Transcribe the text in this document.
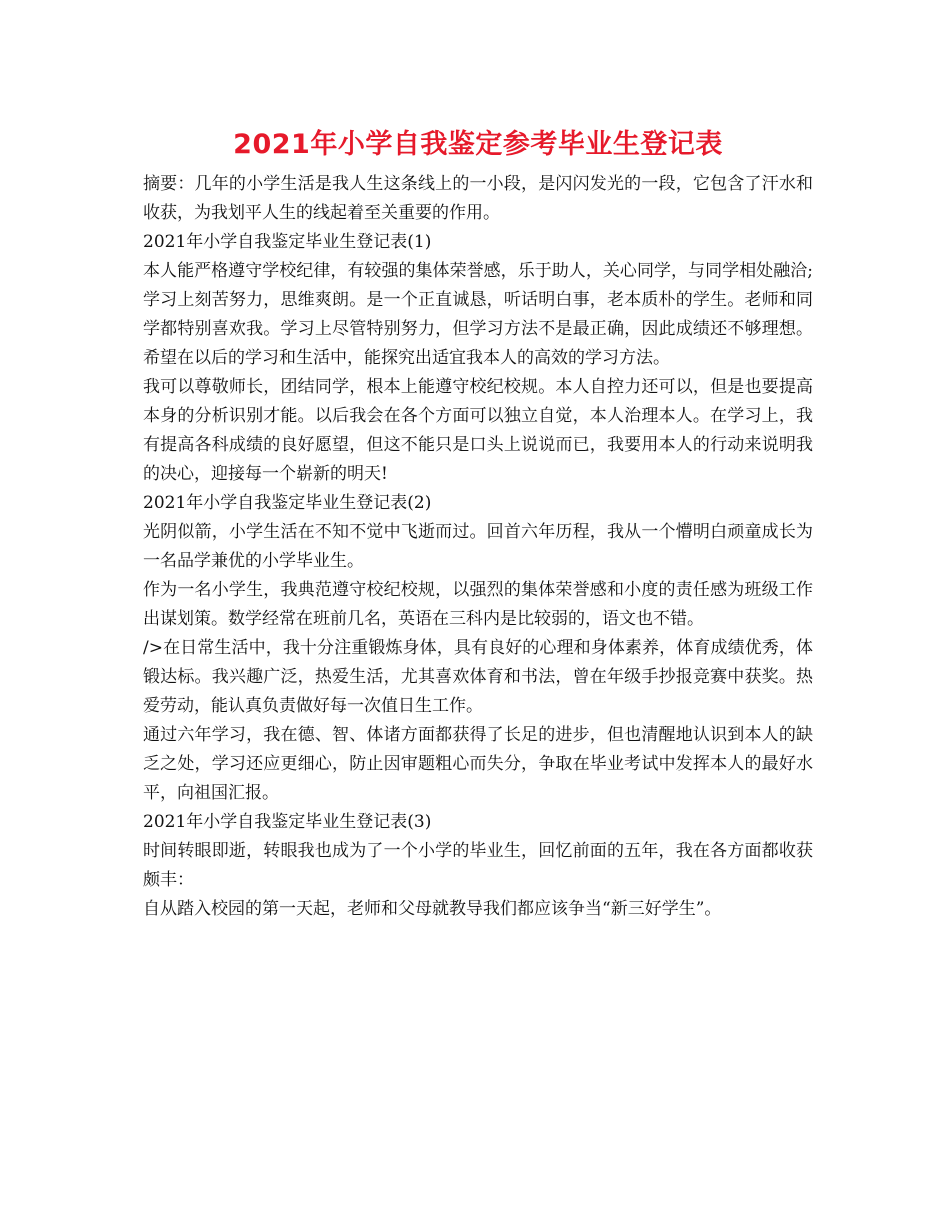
2021年小学自我鉴定参考毕业生登记表

摘要：几年的小学生活是我人生这条线上的一小段，是闪闪发光的一段，它包含了汗水和收获，为我划平人生的线起着至关重要的作用。

2021年小学自我鉴定毕业生登记表(1)

本人能严格遵守学校纪律，有较强的集体荣誉感，乐于助人，关心同学，与同学相处融洽;学习上刻苦努力，思维爽朗。是一个正直诚恳，听话明白事，老本质朴的学生。老师和同学都特别喜欢我。学习上尽管特别努力，但学习方法不是最正确，因此成绩还不够理想。希望在以后的学习和生活中，能探究出适宜我本人的高效的学习方法。

我可以尊敬师长，团结同学，根本上能遵守校纪校规。本人自控力还可以，但是也要提高本身的分析识别才能。以后我会在各个方面可以独立自觉，本人治理本人。在学习上，我有提高各科成绩的良好愿望，但这不能只是口头上说说而已，我要用本人的行动来说明我的决心，迎接每一个崭新的明天!

2021年小学自我鉴定毕业生登记表(2)

光阴似箭，小学生活在不知不觉中飞逝而过。回首六年历程，我从一个懵明白顽童成长为一名品学兼优的小学毕业生。

作为一名小学生，我典范遵守校纪校规，以强烈的集体荣誉感和小度的责任感为班级工作出谋划策。数学经常在班前几名，英语在三科内是比较弱的，语文也不错。

/>在日常生活中，我十分注重锻炼身体，具有良好的心理和身体素养，体育成绩优秀，体锻达标。我兴趣广泛，热爱生活，尤其喜欢体育和书法，曾在年级手抄报竞赛中获奖。热爱劳动，能认真负责做好每一次值日生工作。

通过六年学习，我在德、智、体诸方面都获得了长足的进步，但也清醒地认识到本人的缺乏之处，学习还应更细心，防止因审题粗心而失分，争取在毕业考试中发挥本人的最好水平，向祖国汇报。

2021年小学自我鉴定毕业生登记表(3)

时间转眼即逝，转眼我也成为了一个小学的毕业生，回忆前面的五年，我在各方面都收获颇丰：

自从踏入校园的第一天起，老师和父母就教导我们都应该争当“新三好学生”。
